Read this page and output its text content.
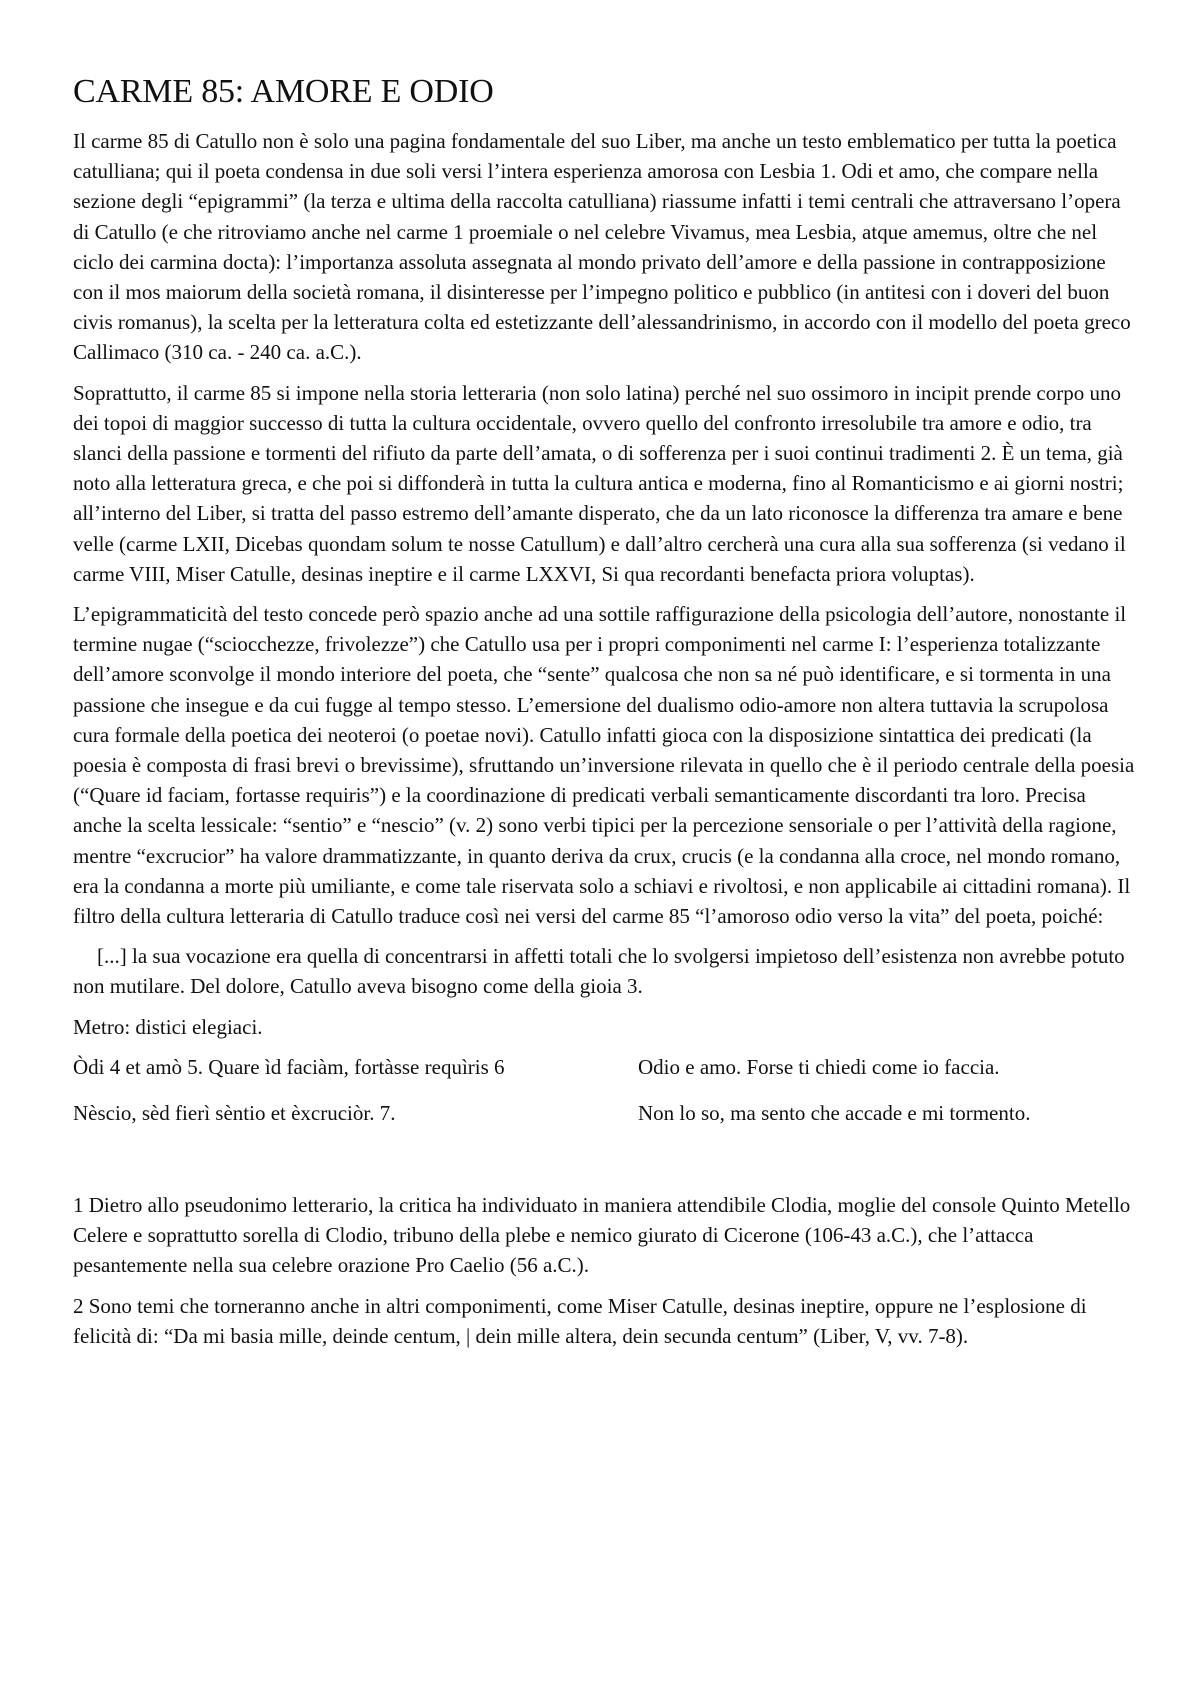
CARME 85: AMORE E ODIO

Il carme 85 di Catullo non è solo una pagina fondamentale del suo Liber, ma anche un testo emblematico per tutta la poetica catulliana; qui il poeta condensa in due soli versi l’intera esperienza amorosa con Lesbia 1. Odi et amo, che compare nella sezione degli “epigrammi” (la terza e ultima della raccolta catulliana) riassume infatti i temi centrali che attraversano l’opera di Catullo (e che ritroviamo anche nel carme 1 proemiale o nel celebre Vivamus, mea Lesbia, atque amemus, oltre che nel ciclo dei carmina docta): l’importanza assoluta assegnata al mondo privato dell’amore e della passione in contrapposizione con il mos maiorum della società romana, il disinteresse per l’impegno politico e pubblico (in antitesi con i doveri del buon civis romanus), la scelta per la letteratura colta ed estetizzante dell’alessandrinismo, in accordo con il modello del poeta greco Callimaco (310 ca. - 240 ca. a.C.).

Soprattutto, il carme 85 si impone nella storia letteraria (non solo latina) perché nel suo ossimoro in incipit prende corpo uno dei topoi di maggior successo di tutta la cultura occidentale, ovvero quello del confronto irresolubile tra amore e odio, tra slanci della passione e tormenti del rifiuto da parte dell’amata, o di sofferenza per i suoi continui tradimenti 2. È un tema, già noto alla letteratura greca, e che poi si diffonderà in tutta la cultura antica e moderna, fino al Romanticismo e ai giorni nostri; all’interno del Liber, si tratta del passo estremo dell’amante disperato, che da un lato riconosce la differenza tra amare e bene velle (carme LXII, Dicebas quondam solum te nosse Catullum) e dall’altro cercherà una cura alla sua sofferenza (si vedano il carme VIII, Miser Catulle, desinas ineptire e il carme LXXVI, Si qua recordanti benefacta priora voluptas).

L’epigrammaticità del testo concede però spazio anche ad una sottile raffigurazione della psicologia dell’autore, nonostante il termine nugae (“sciocchezze, frivolezze”) che Catullo usa per i propri componimenti nel carme I: l’esperienza totalizzante dell’amore sconvolge il mondo interiore del poeta, che “sente” qualcosa che non sa né può identificare, e si tormenta in una passione che insegue e da cui fugge al tempo stesso. L’emersione del dualismo odio-amore non altera tuttavia la scrupolosa cura formale della poetica dei neoteroi (o poetae novi). Catullo infatti gioca con la disposizione sintattica dei predicati (la poesia è composta di frasi brevi o brevissime), sfruttando un’inversione rilevata in quello che è il periodo centrale della poesia (“Quare id faciam, fortasse requiris”) e la coordinazione di predicati verbali semanticamente discordanti tra loro. Precisa anche la scelta lessicale: “sentio” e “nescio” (v. 2) sono verbi tipici per la percezione sensoriale o per l’attività della ragione, mentre “excrucior” ha valore drammatizzante, in quanto deriva da crux, crucis (e la condanna alla croce, nel mondo romano, era la condanna a morte più umiliante, e come tale riservata solo a schiavi e rivoltosi, e non applicabile ai cittadini romana). Il filtro della cultura letteraria di Catullo traduce così nei versi del carme 85 “l’amoroso odio verso la vita” del poeta, poiché:

[...] la sua vocazione era quella di concentrarsi in affetti totali che lo svolgersi impietoso dell’esistenza non avrebbe potuto non mutilare. Del dolore, Catullo aveva bisogno come della gioia 3.

Metro: distici elegiaci.

Òdi 4 et amò 5. Quare ìd faciàm, fortàsse requìris 6	Odio e amo. Forse ti chiedi come io faccia.
Nèscio, sèd fierì sèntio et èxcruciòr. 7.	Non lo so, ma sento che accade e mi tormento.

1 Dietro allo pseudonimo letterario, la critica ha individuato in maniera attendibile Clodia, moglie del console Quinto Metello Celere e soprattutto sorella di Clodio, tribuno della plebe e nemico giurato di Cicerone (106-43 a.C.), che l’attacca pesantemente nella sua celebre orazione Pro Caelio (56 a.C.).

2 Sono temi che torneranno anche in altri componimenti, come Miser Catulle, desinas ineptire, oppure ne l’esplosione di felicità di: “Da mi basia mille, deinde centum, | dein mille altera, dein secunda centum” (Liber, V, vv. 7-8).
